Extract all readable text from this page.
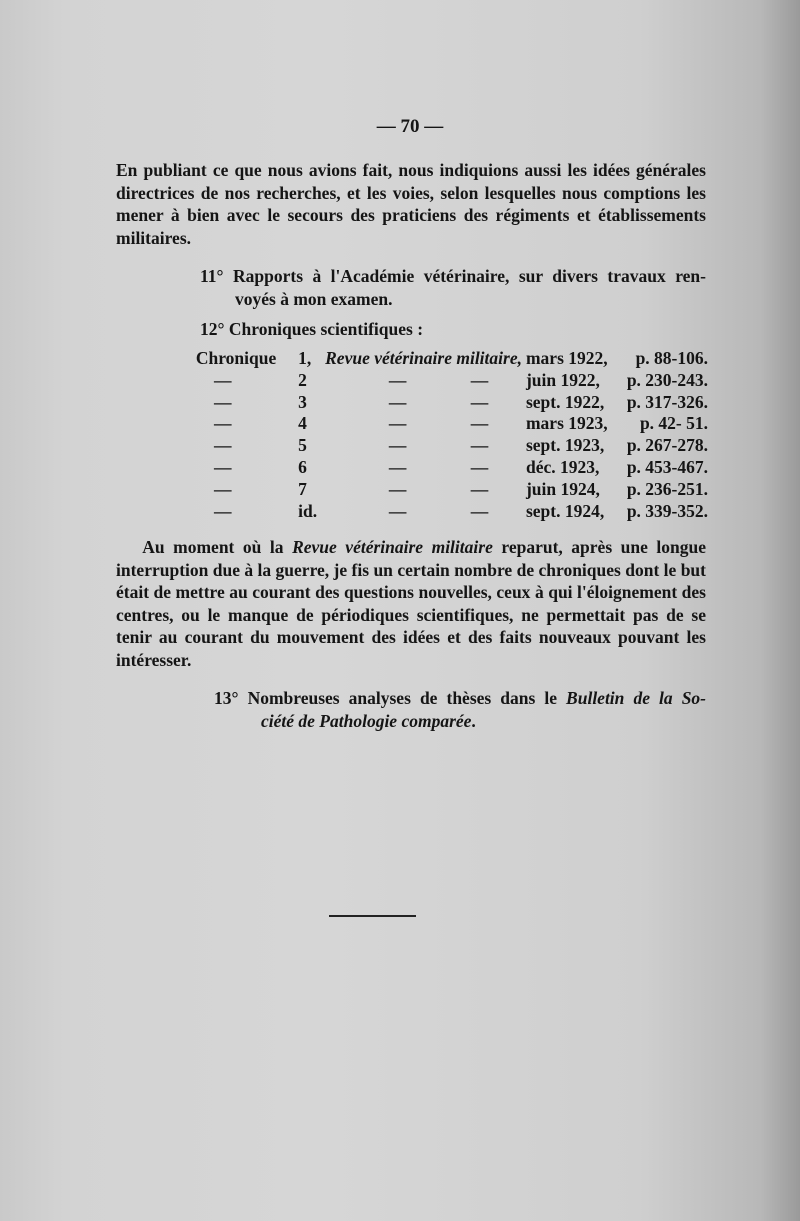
— 70 —

En publiant ce que nous avions fait, nous indiquions aussi les idées générales directrices de nos recherches, et les voies, selon lesquelles nous comptions les mener à bien avec le secours des praticiens des régiments et établissements militaires.

11° Rapports à l'Académie vétérinaire, sur divers travaux ren-
voyés à mon examen.
12° Chroniques scientifiques :
Chronique	1,	Revue vétérinaire militaire,	mars 1922,	p. 88-106.
—	2	— —	juin 1922,	p. 230-243.
—	3	— —	sept. 1922,	p. 317-326.
—	4	— —	mars 1923,	p. 42- 51.
—	5	— —	sept. 1923,	p. 267-278.
—	6	— —	déc. 1923,	p. 453-467.
—	7	— —	juin 1924,	p. 236-251.
—	id.	— —	sept. 1924,	p. 339-352.

  Au moment où la Revue vétérinaire militaire reparut, après une longue interruption due à la guerre, je fis un certain nombre de chroniques dont le but était de mettre au courant des questions nouvelles, ceux à qui l'éloignement des centres, ou le manque de périodiques scientifiques, ne permettait pas de se tenir au courant du mouvement des idées et des faits nouveaux pouvant les intéresser.

13° Nombreuses analyses de thèses dans le Bulletin de la So-
ciété de Pathologie comparée.
